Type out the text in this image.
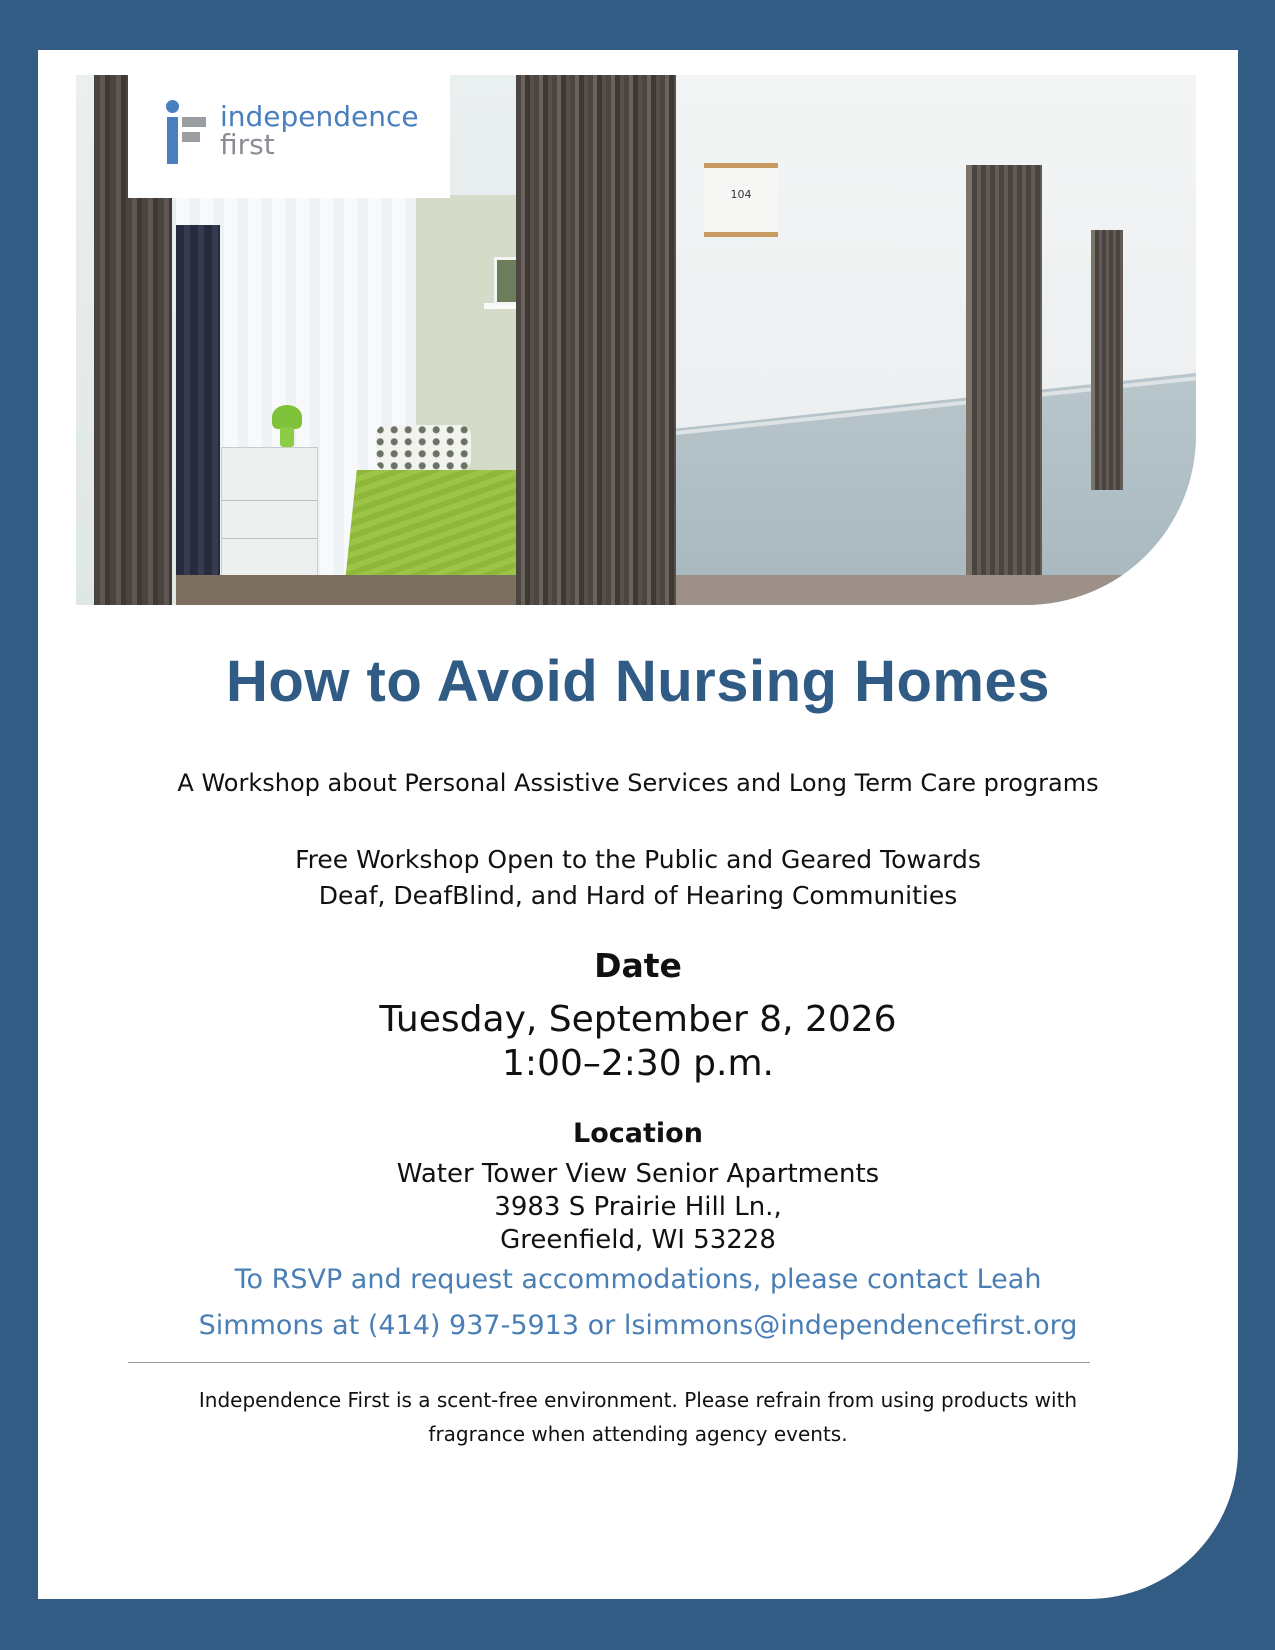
104
independence
first
How to Avoid Nursing Homes
A Workshop about Personal Assistive Services and Long Term Care programs
Free Workshop Open to the Public and Geared Towards
Deaf, DeafBlind, and Hard of Hearing Communities
Date
Tuesday, September 8, 2026
1:00–2:30 p.m.
Location
Water Tower View Senior Apartments
3983 S Prairie Hill Ln.,
Greenfield, WI 53228
To RSVP and request accommodations, please contact Leah
Simmons at (414) 937-5913 or lsimmons@independencefirst.org
Independence First is a scent-free environment. Please refrain from using products with
fragrance when attending agency events.
